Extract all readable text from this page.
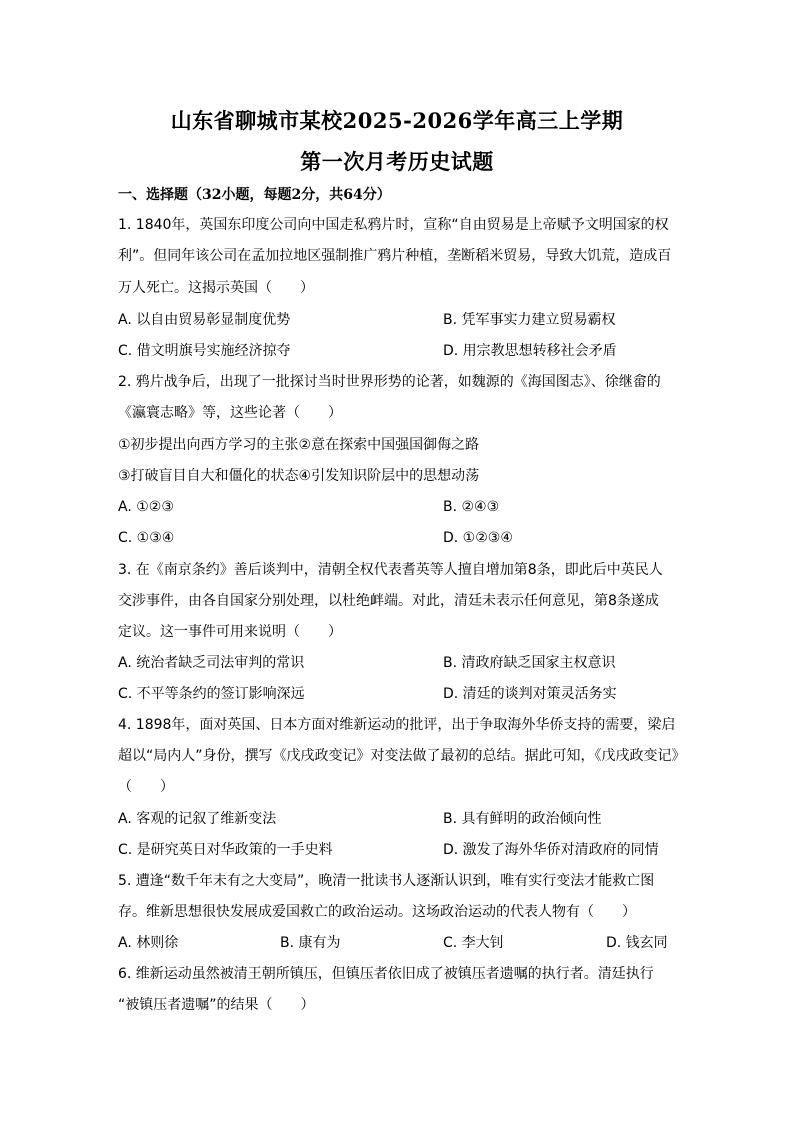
山东省聊城市某校2025-2026学年高三上学期
第一次月考历史试题
一、选择题（32小题，每题2分，共64分）
1. 1840年，英国东印度公司向中国走私鸦片时，宣称“自由贸易是上帝赋予文明国家的权
利”。但同年该公司在孟加拉地区强制推广鸦片种植，垄断稻米贸易，导致大饥荒，造成百
万人死亡。这揭示英国（　　）
A. 以自由贸易彰显制度优势	B. 凭军事实力建立贸易霸权
C. 借文明旗号实施经济掠夺	D. 用宗教思想转移社会矛盾
2. 鸦片战争后，出现了一批探讨当时世界形势的论著，如魏源的《海国图志》、徐继畲的
《瀛寰志略》等，这些论著（　　）
①初步提出向西方学习的主张②意在探索中国强国御侮之路
③打破盲目自大和僵化的状态④引发知识阶层中的思想动荡
A. ①②③	B. ②④③
C. ①③④	D. ①②③④
3. 在《南京条约》善后谈判中，清朝全权代表耆英等人擅自增加第8条，即此后中英民人
交涉事件，由各自国家分别处理，以杜绝衅端。对此，清廷未表示任何意见，第8条遂成
定议。这一事件可用来说明（　　）
A. 统治者缺乏司法审判的常识	B. 清政府缺乏国家主权意识
C. 不平等条约的签订影响深远	D. 清廷的谈判对策灵活务实
4. 1898年，面对英国、日本方面对维新运动的批评，出于争取海外华侨支持的需要，梁启
超以“局内人”身份，撰写《戊戌政变记》对变法做了最初的总结。据此可知，《戊戌政变记》
（　　）
A. 客观的记叙了维新变法	B. 具有鲜明的政治倾向性
C. 是研究英日对华政策的一手史料	D. 激发了海外华侨对清政府的同情
5. 遭逢“数千年未有之大变局”，晚清一批读书人逐渐认识到，唯有实行变法才能救亡图
存。维新思想很快发展成爱国救亡的政治运动。这场政治运动的代表人物有（　　）
A. 林则徐	B. 康有为	C. 李大钊	D. 钱玄同
6. 维新运动虽然被清王朝所镇压，但镇压者依旧成了被镇压者遗嘱的执行者。清廷执行
“被镇压者遗嘱”的结果（　　）
